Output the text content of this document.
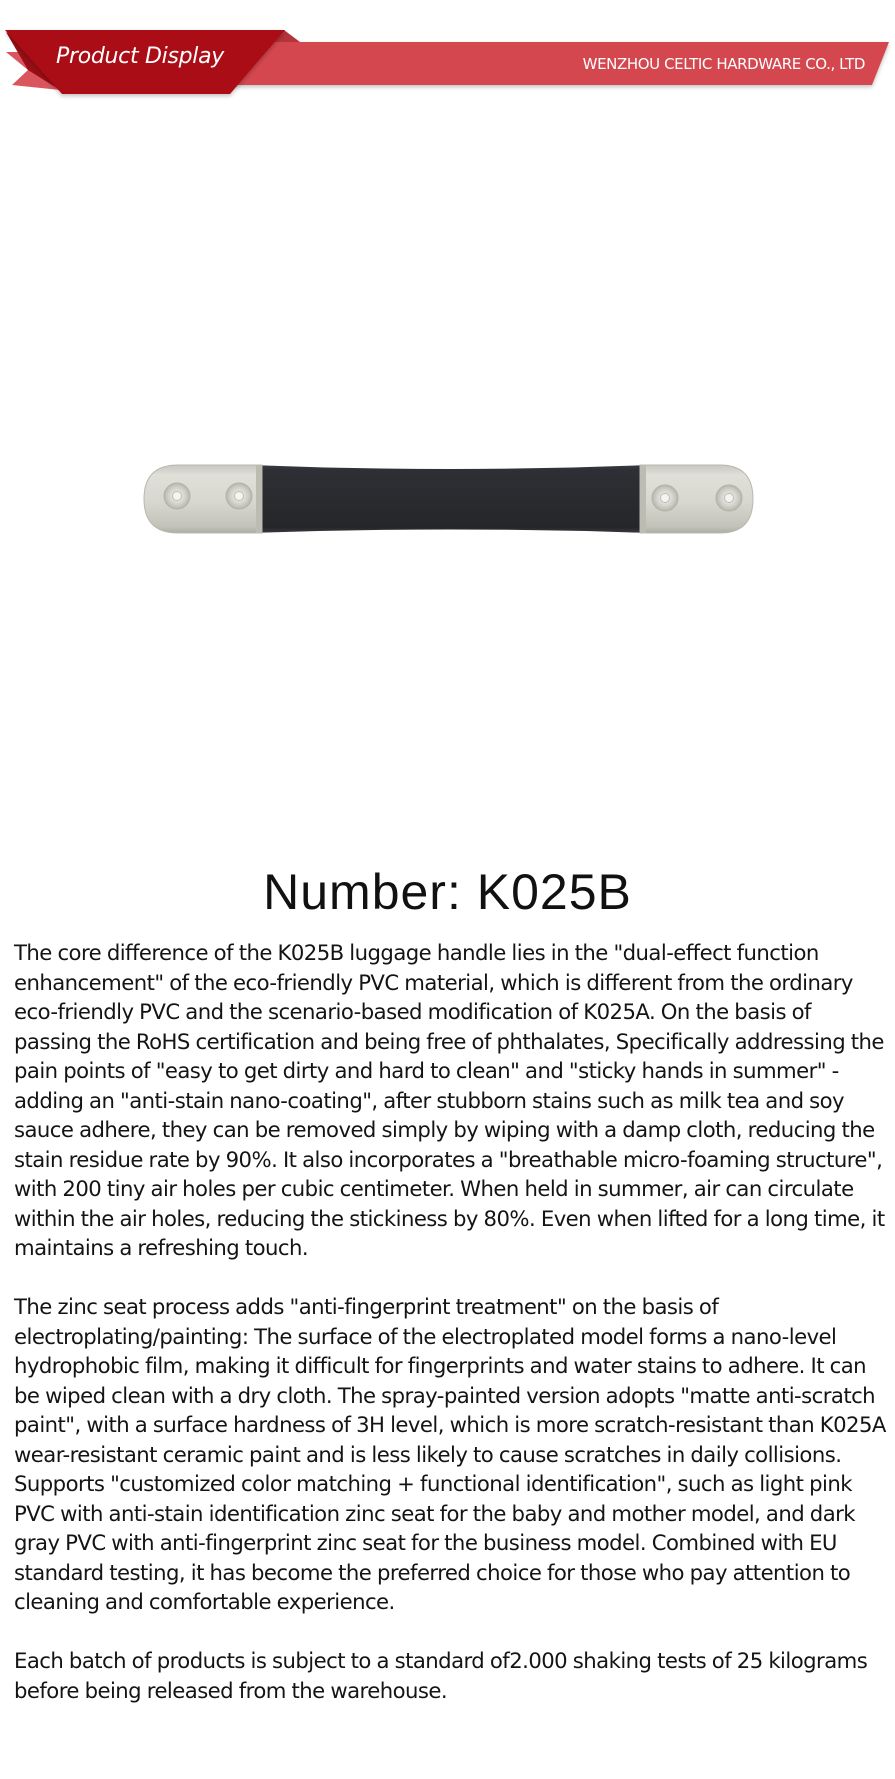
Product Display	WENZHOU CELTIC HARDWARE CO., LTD
Number: K025B

The core difference of the K025B luggage handle lies in the "dual-effect function enhancement" of the eco-friendly PVC material, which is different from the ordinary eco-friendly PVC and the scenario-based modification of K025A. On the basis of passing the RoHS certification and being free of phthalates, Specifically addressing the pain points of "easy to get dirty and hard to clean" and "sticky hands in summer" - adding an "anti-stain nano-coating", after stubborn stains such as milk tea and soy sauce adhere, they can be removed simply by wiping with a damp cloth, reducing the stain residue rate by 90%. It also incorporates a "breathable micro-foaming structure", with 200 tiny air holes per cubic centimeter. When held in summer, air can circulate within the air holes, reducing the stickiness by 80%. Even when lifted for a long time, it maintains a refreshing touch.

The zinc seat process adds "anti-fingerprint treatment" on the basis of electroplating/painting: The surface of the electroplated model forms a nano-level hydrophobic film, making it difficult for fingerprints and water stains to adhere. It can be wiped clean with a dry cloth. The spray-painted version adopts "matte anti-scratch paint", with a surface hardness of 3H level, which is more scratch-resistant than K025A wear-resistant ceramic paint and is less likely to cause scratches in daily collisions. Supports "customized color matching + functional identification", such as light pink PVC with anti-stain identification zinc seat for the baby and mother model, and dark gray PVC with anti-fingerprint zinc seat for the business model. Combined with EU standard testing, it has become the preferred choice for those who pay attention to cleaning and comfortable experience.

Each batch of products is subject to a standard of2.000 shaking tests of 25 kilograms before being released from the warehouse.
